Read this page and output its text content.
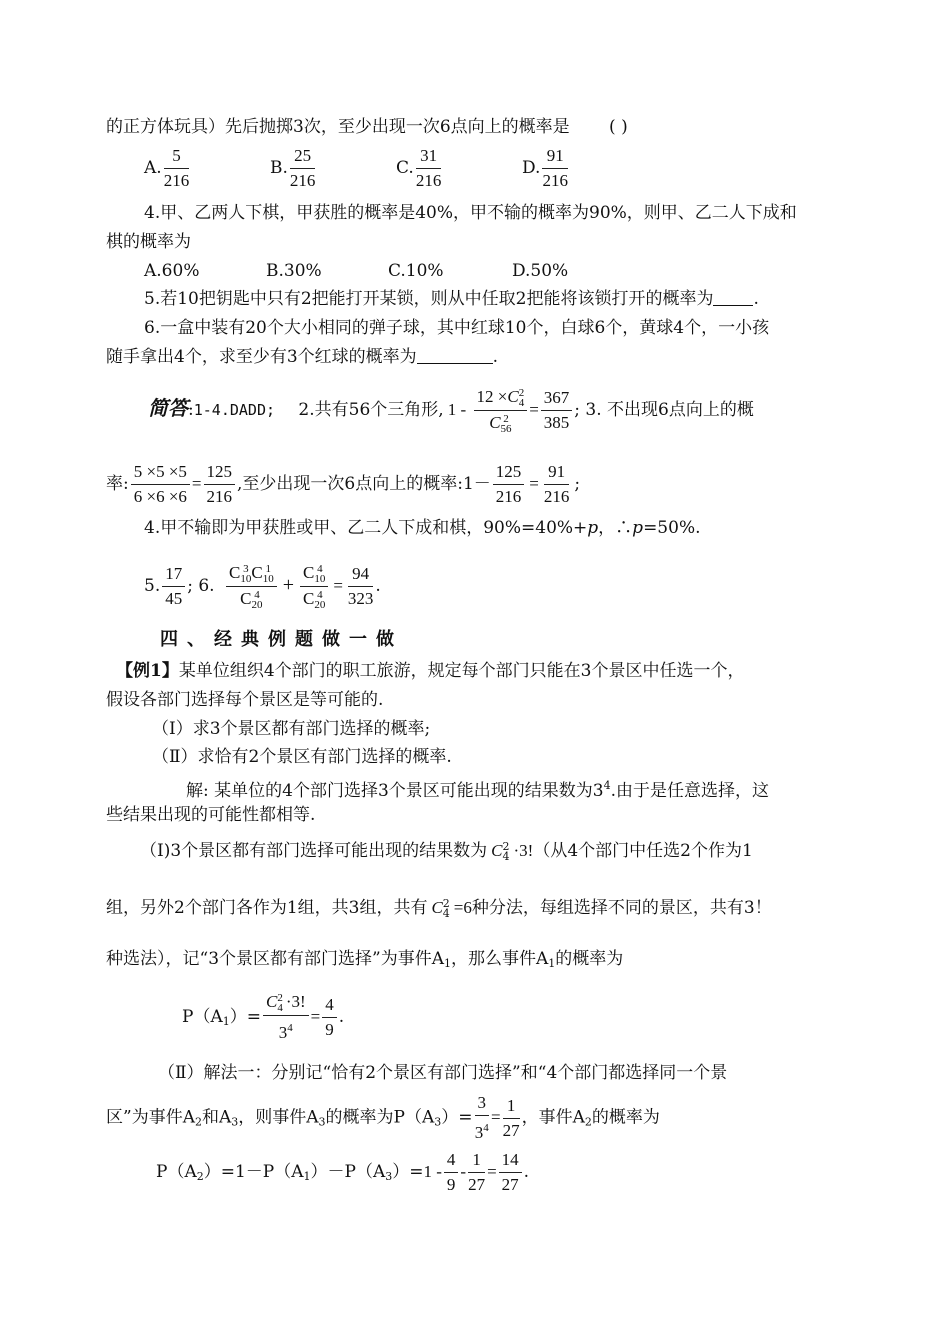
的正方体玩具）先后抛掷3次，至少出现一次6点向上的概率是 ( )
A. $\frac{5}{216}$	B. $\frac{25}{216}$	C. $\frac{31}{216}$	D. $\frac{91}{216}$
4.甲、乙两人下棋，甲获胜的概率是40%，甲不输的概率为90%，则甲、乙二人下成和
棋的概率为
A.60%	B.30%	C.10%	D.50%
5.若10把钥匙中只有2把能打开某锁，则从中任取2把能将该锁打开的概率为 .
6.一盒中装有20个大小相同的弹子球，其中红球10个，白球6个，黄球4个，一小孩
随手拿出4个，求至少有3个红球的概率为	.
简答:1-4.DADD; 2.共有56个三角形, 1 - 12 ×C 2
4
C 2
$56 = \frac{367}{385}$ ; 3. 不出现6点向上的概
率: $\frac{5 \times 5 \times 5}{6 \times 6 \times 6} = \frac{125}{216}$ ,至少出现一次6点向上的概率:1－ $\frac{125}{216} = \frac{91}{216}$ ;
4.甲不输即为甲获胜或甲、乙二人下成和棋，90%=40%+p，∴p=50%.
5. $\frac{17}{45}$ ; 6. C 3
10 C 1
10
C 4
20 + C 4
10
C 4
$20 = \frac{94}{323}$ .
四、经典例题做一做
【例1】某单位组织4个部门的职工旅游，规定每个部门只能在3个景区中任选一个，
假设各部门选择每个景区是等可能的.
（Ⅰ）求3个景区都有部门选择的概率;
（Ⅱ）求恰有2个景区有部门选择的概率.
解: 某单位的4个部门选择3个景区可能出现的结果数为$3^4$.由于是任意选择，这
些结果出现的可能性都相等.
（Ⅰ)3个景区都有部门选择可能出现的结果数为 C 2
4 ·3!（从4个部门中任选2个作为1
组，另外2个部门各作为1组，共3组，共有 C 2
4 =6种分法，每组选择不同的景区，共有3！
种选法），记“3个景区都有部门选择”为事件$A_1$，那么事件$A_1$的概率为
$P(A_1)= C$ 2
4 ·3!
$3^4 = \frac{4}{9}$ .
（Ⅱ）解法一：分别记“恰有2个景区有部门选择”和“4个部门都选择同一个景
区”为事件$A_2$和$A_3$，则事件$A_3$的概率为$P(A_3)= \frac{3}{3^4} = \frac{1}{27}$ ，事件$A_2$的概率为
$P(A_2)=1-P(A_1)-P(A_3)=1 - \frac{4}{9} - \frac{1}{27} = \frac{14}{27}$ .
